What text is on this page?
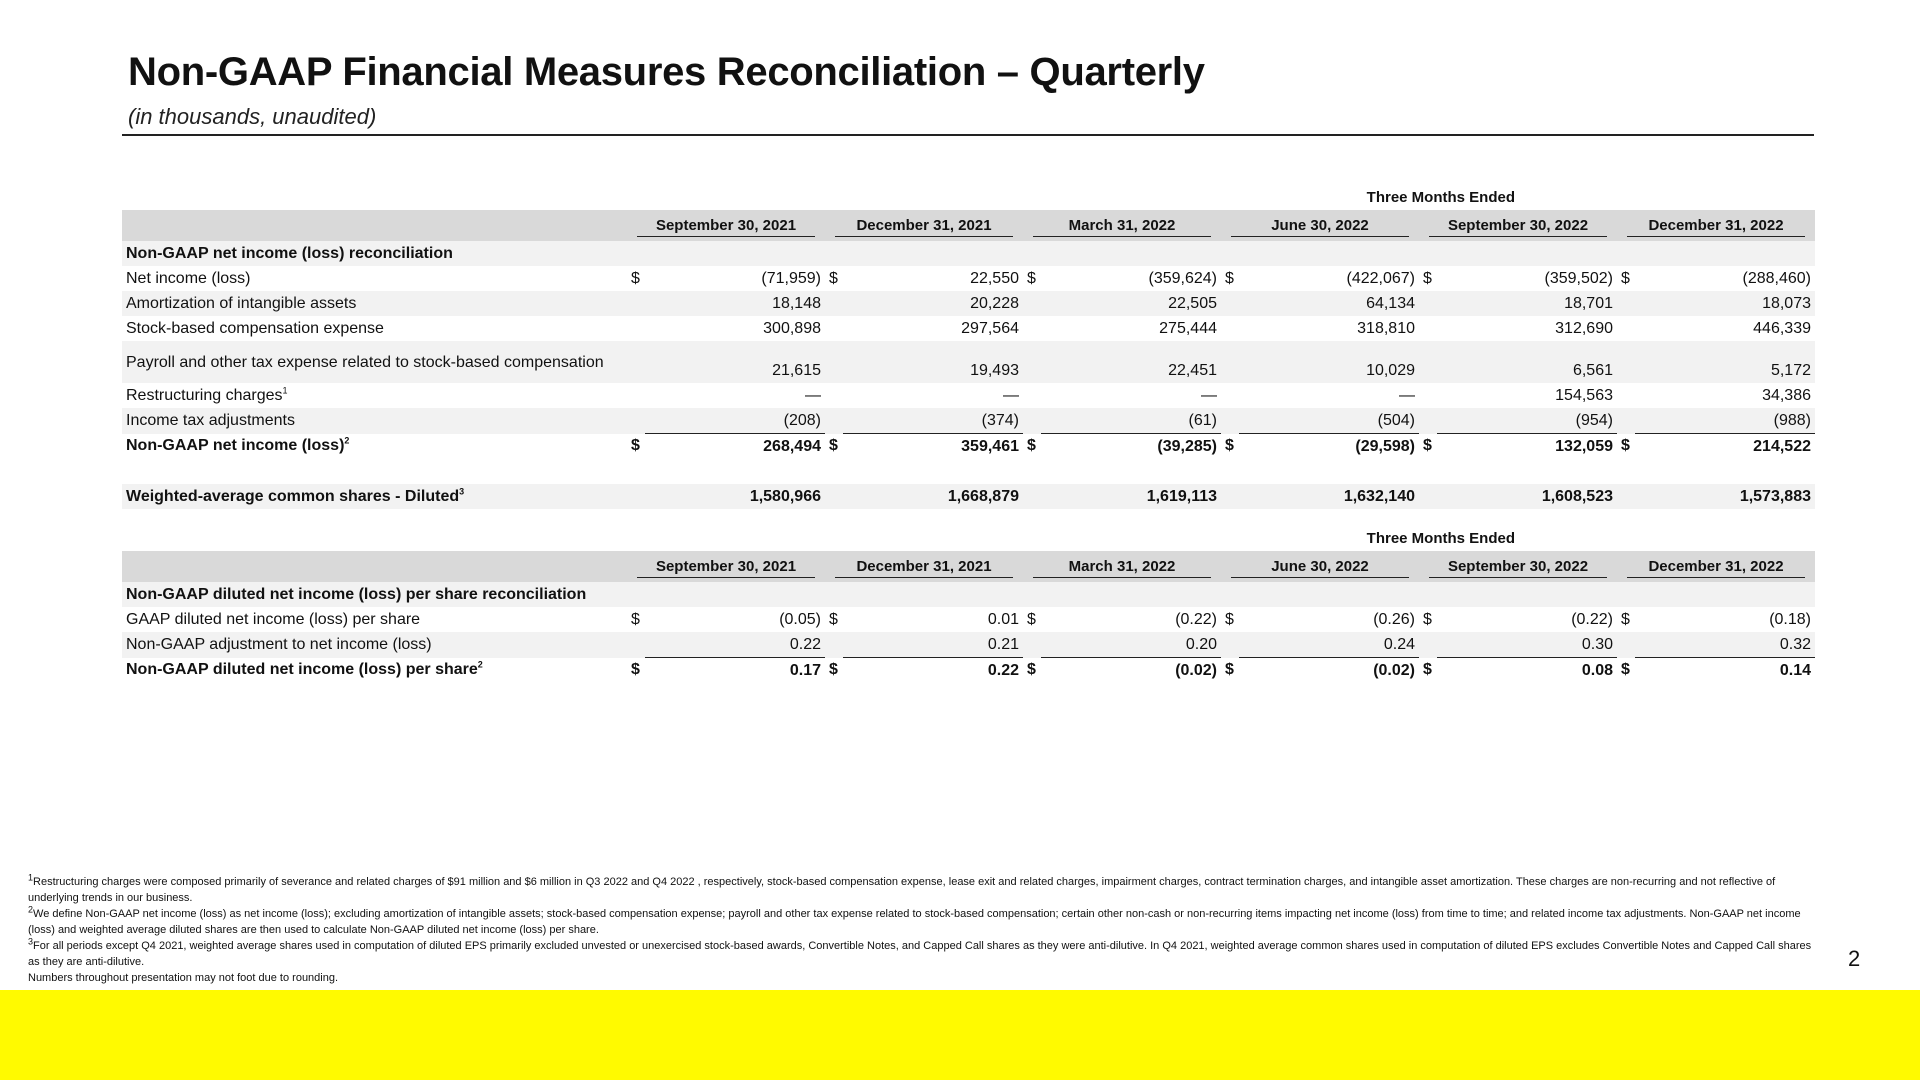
Non-GAAP Financial Measures Reconciliation – Quarterly
(in thousands, unaudited)
						Three Months Ended						

	September 30, 2021		December 31, 2021		March 31, 2022		June 30, 2022		September 30, 2022		December 31, 2022	

Non-GAAP net income (loss) reconciliation												
Net income (loss)	$	(71,959)	$	22,550	$	(359,624)	$	(422,067)	$	(359,502)	$	(288,460)
Amortization of intangible assets		18,148		20,228		22,505		64,134		18,701		18,073
Stock-based compensation expense		300,898		297,564		275,444		318,810		312,690		446,339
Payroll and other tax expense related to stock-based compensation		21,615		19,493		22,451		10,029		6,561		5,172
Restructuring charges$^1$		—		—		—		—		154,563		34,386
Income tax adjustments		(208)		(374)		(61)		(504)		(954)		(988)
Non-GAAP net income (loss)$^2$	$	268,494	$	359,461	$	(39,285)	$	(29,598)	$	132,059	$	214,522

Weighted-average common shares - Diluted$^3$		1,580,966		1,668,879		1,619,113		1,632,140		1,608,523		1,573,883
						Three Months Ended						

	September 30, 2021		December 31, 2021		March 31, 2022		June 30, 2022		September 30, 2022		December 31, 2022	

Non-GAAP diluted net income (loss) per share reconciliation												
GAAP diluted net income (loss) per share	$	(0.05)	$	0.01	$	(0.22)	$	(0.26)	$	(0.22)	$	(0.18)
Non-GAAP adjustment to net income (loss)		0.22		0.21		0.20		0.24		0.30		0.32
Non-GAAP diluted net income (loss) per share$^2$	$	0.17	$	0.22	$	(0.02)	$	(0.02)	$	0.08	$	0.14

$^1$Restructuring charges were composed primarily of severance and related charges of $91 million and $6 million in Q3 2022 and Q4 2022 , respectively, stock-based compensation expense, lease exit and related charges, impairment charges, contract termination charges, and intangible asset amortization. These charges are non-recurring and not reflective of underlying trends in our business.

$^2$We define Non-GAAP net income (loss) as net income (loss); excluding amortization of intangible assets; stock-based compensation expense; payroll and other tax expense related to stock-based compensation; certain other non-cash or non-recurring items impacting net income (loss) from time to time; and related income tax adjustments. Non-GAAP net income (loss) and weighted average diluted shares are then used to calculate Non-GAAP diluted net income (loss) per share.

$^3$For all periods except Q4 2021, weighted average shares used in computation of diluted EPS primarily excluded unvested or unexercised stock-based awards, Convertible Notes, and Capped Call shares as they were anti-dilutive. In Q4 2021, weighted average common shares used in computation of diluted EPS excludes Convertible Notes and Capped Call shares as they are anti-dilutive.

Numbers throughout presentation may not foot due to rounding.

2
